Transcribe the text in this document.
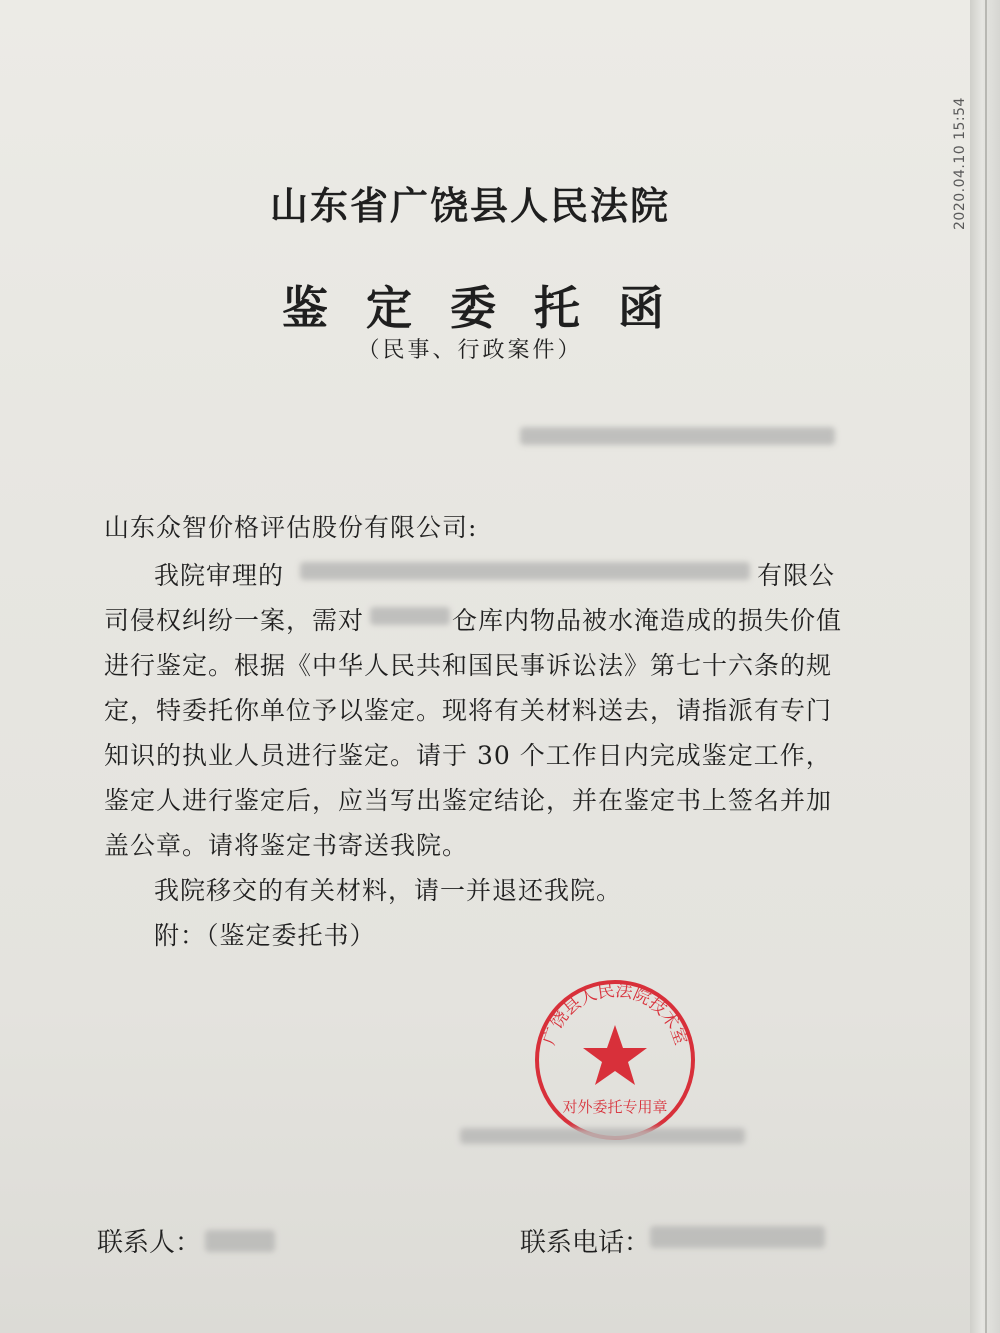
山东省广饶县人民法院
鉴定委托函
（民事、行政案件）
山东众智价格评估股份有限公司:
我院审理的	有限公
司侵权纠纷一案，需对	仓库内物品被水淹造成的损失价值
进行鉴定。根据《中华人民共和国民事诉讼法》第七十六条的规
定，特委托你单位予以鉴定。现将有关材料送去，请指派有专门
知识的执业人员进行鉴定。请于 30 个工作日内完成鉴定工作，
鉴定人进行鉴定后，应当写出鉴定结论，并在鉴定书上签名并加
盖公章。请将鉴定书寄送我院。
我院移交的有关材料，请一并退还我院。
附：（鉴定委托书）
广饶县人民法院技术室
对外委托专用章
联系人：	联系电话：
